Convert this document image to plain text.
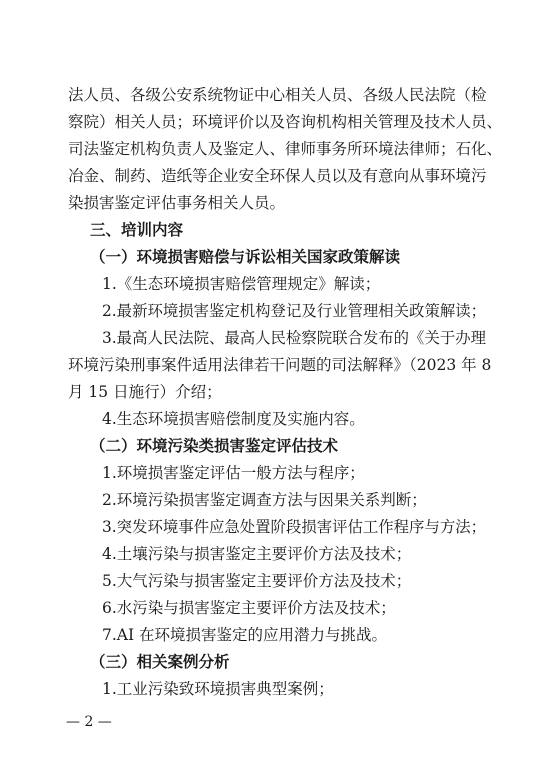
法人员、各级公安系统物证中心相关人员、各级人民法院（检
察院）相关人员；环境评价以及咨询机构相关管理及技术人员、
司法鉴定机构负责人及鉴定人、律师事务所环境法律师；石化、
冶金、制药、造纸等企业安全环保人员以及有意向从事环境污
染损害鉴定评估事务相关人员。
三、培训内容
（一）环境损害赔偿与诉讼相关国家政策解读
1.《生态环境损害赔偿管理规定》解读；
2.最新环境损害鉴定机构登记及行业管理相关政策解读；
3.最高人民法院、最高人民检察院联合发布的《关于办理
环境污染刑事案件适用法律若干问题的司法解释》（2023 年 8
月 15 日施行）介绍；
4.生态环境损害赔偿制度及实施内容。
（二）环境污染类损害鉴定评估技术
1.环境损害鉴定评估一般方法与程序；
2.环境污染损害鉴定调查方法与因果关系判断；
3.突发环境事件应急处置阶段损害评估工作程序与方法；
4.土壤污染与损害鉴定主要评价方法及技术；
5.大气污染与损害鉴定主要评价方法及技术；
6.水污染与损害鉴定主要评价方法及技术；
7.AI 在环境损害鉴定的应用潜力与挑战。
（三）相关案例分析
1.工业污染致环境损害典型案例；
— 2 —
